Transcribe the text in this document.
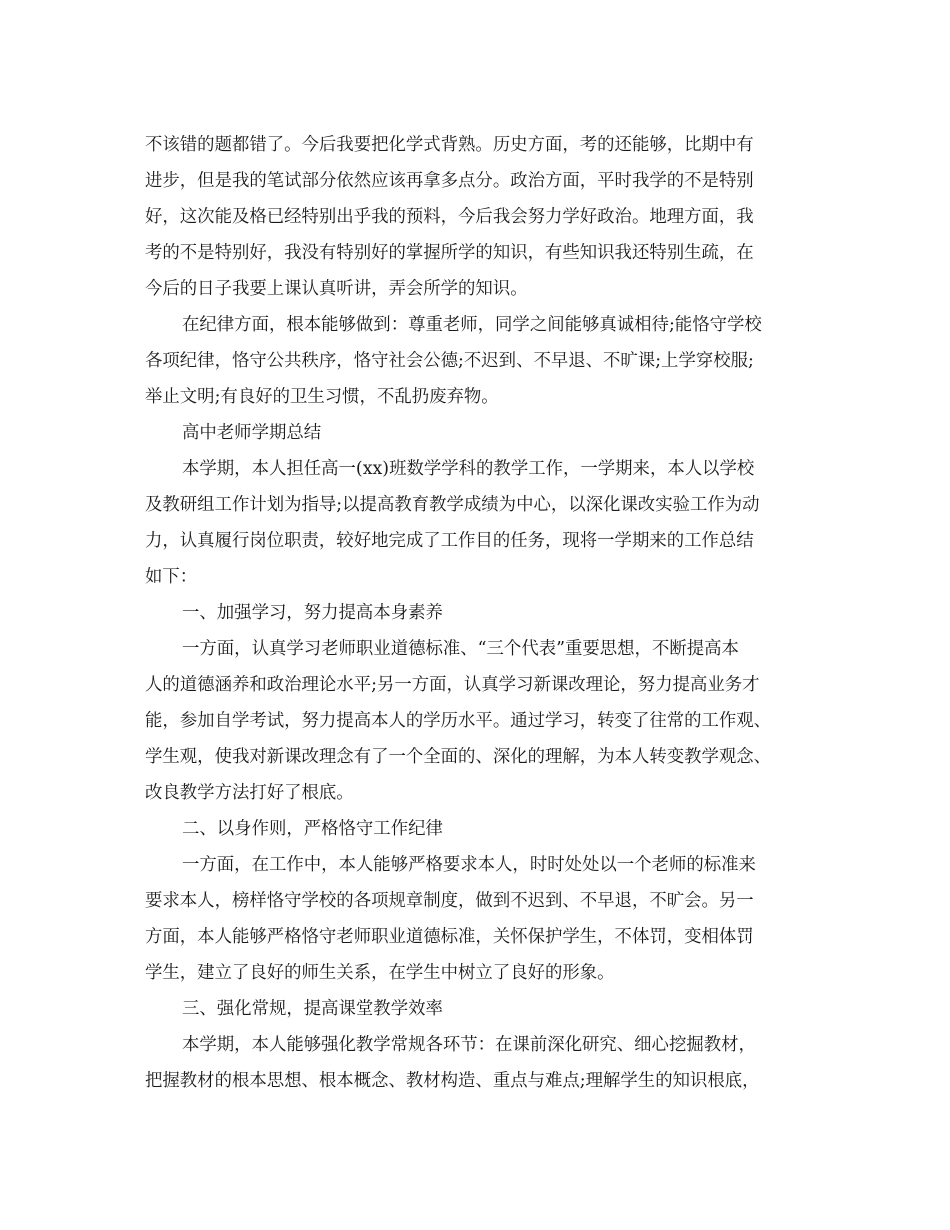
不该错的题都错了。今后我要把化学式背熟。历史方面，考的还能够，比期中有
进步，但是我的笔试部分依然应该再拿多点分。政治方面，平时我学的不是特别
好，这次能及格已经特别出乎我的预料，今后我会努力学好政治。地理方面，我
考的不是特别好，我没有特别好的掌握所学的知识，有些知识我还特别生疏，在
今后的日子我要上课认真听讲，弄会所学的知识。
在纪律方面，根本能够做到：尊重老师，同学之间能够真诚相待;能恪守学校
各项纪律，恪守公共秩序，恪守社会公德;不迟到、不早退、不旷课;上学穿校服;
举止文明;有良好的卫生习惯，不乱扔废弃物。
高中老师学期总结
本学期，本人担任高一(xx)班数学学科的教学工作，一学期来，本人以学校
及教研组工作计划为指导;以提高教育教学成绩为中心，以深化课改实验工作为动
力，认真履行岗位职责，较好地完成了工作目的任务，现将一学期来的工作总结
如下：
一、加强学习，努力提高本身素养
一方面，认真学习老师职业道德标准、“三个代表”重要思想，不断提高本
人的道德涵养和政治理论水平;另一方面，认真学习新课改理论，努力提高业务才
能，参加自学考试，努力提高本人的学历水平。通过学习，转变了往常的工作观、
学生观，使我对新课改理念有了一个全面的、深化的理解，为本人转变教学观念、
改良教学方法打好了根底。
二、以身作则，严格恪守工作纪律
一方面，在工作中，本人能够严格要求本人，时时处处以一个老师的标准来
要求本人，榜样恪守学校的各项规章制度，做到不迟到、不早退，不旷会。另一
方面，本人能够严格恪守老师职业道德标准，关怀保护学生，不体罚，变相体罚
学生，建立了良好的师生关系，在学生中树立了良好的形象。
三、强化常规，提高课堂教学效率
本学期，本人能够强化教学常规各环节：在课前深化研究、细心挖掘教材，
把握教材的根本思想、根本概念、教材构造、重点与难点;理解学生的知识根底，
